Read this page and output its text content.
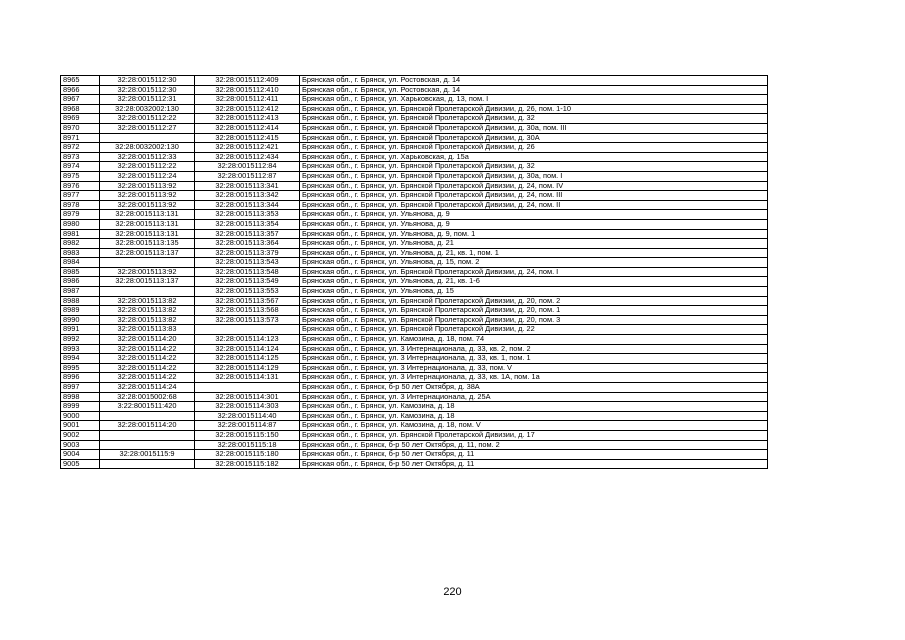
8965	32:28:0015112:30	32:28:0015112:409	Брянская обл., г. Брянск, ул. Ростовская, д. 14
8966	32:28:0015112:30	32:28:0015112:410	Брянская обл., г. Брянск, ул. Ростовская, д. 14
8967	32:28:0015112:31	32:28:0015112:411	Брянская обл., г. Брянск, ул. Харьковская, д. 13, пом. I
8968	32:28:0032002:130	32:28:0015112:412	Брянская обл., г. Брянск, ул. Брянской Пролетарской Дивизии, д. 26, пом. 1-10
8969	32:28:0015112:22	32:28:0015112:413	Брянская обл., г. Брянск, ул. Брянской Пролетарской Дивизии, д. 32
8970	32:28:0015112:27	32:28:0015112:414	Брянская обл., г. Брянск, ул. Брянской Пролетарской Дивизии, д. 30а, пом. III
8971		32:28:0015112:415	Брянская обл., г. Брянск, ул. Брянской Пролетарской Дивизии, д. 30А
8972	32:28:0032002:130	32:28:0015112:421	Брянская обл., г. Брянск, ул. Брянской Пролетарской Дивизии, д. 26
8973	32:28:0015112:33	32:28:0015112:434	Брянская обл., г. Брянск, ул. Харьковская, д. 15а
8974	32:28:0015112:22	32:28:0015112:84	Брянская обл., г. Брянск, ул. Брянской Пролетарской Дивизии, д. 32
8975	32:28:0015112:24	32:28:0015112:87	Брянская обл., г. Брянск, ул. Брянской Пролетарской Дивизии, д. 30а, пом. I
8976	32:28:0015113:92	32:28:0015113:341	Брянская обл., г. Брянск, ул. Брянской Пролетарской Дивизии, д. 24, пом. IV
8977	32:28:0015113:92	32:28:0015113:342	Брянская обл., г. Брянск, ул. Брянской Пролетарской Дивизии, д. 24, пом. III
8978	32:28:0015113:92	32:28:0015113:344	Брянская обл., г. Брянск, ул. Брянской Пролетарской Дивизии, д. 24, пом. II
8979	32:28:0015113:131	32:28:0015113:353	Брянская обл., г. Брянск, ул. Ульянова, д. 9
8980	32:28:0015113:131	32:28:0015113:354	Брянская обл., г. Брянск, ул. Ульянова, д. 9
8981	32:28:0015113:131	32:28:0015113:357	Брянская обл., г. Брянск, ул. Ульянова, д. 9, пом. 1
8982	32:28:0015113:135	32:28:0015113:364	Брянская обл., г. Брянск, ул. Ульянова, д. 21
8983	32:28:0015113:137	32:28:0015113:379	Брянская обл., г. Брянск, ул. Ульянова, д. 21, кв. 1, пом. 1
8984		32:28:0015113:543	Брянская обл., г. Брянск, ул. Ульянова, д. 15, пом. 2
8985	32:28:0015113:92	32:28:0015113:548	Брянская обл., г. Брянск, ул. Брянской Пролетарской Дивизии, д. 24, пом. I
8986	32:28:0015113:137	32:28:0015113:549	Брянская обл., г. Брянск, ул. Ульянова, д. 21, кв. 1-6
8987		32:28:0015113:553	Брянская обл., г. Брянск, ул. Ульянова, д. 15
8988	32:28:0015113:82	32:28:0015113:567	Брянская обл., г. Брянск, ул. Брянской Пролетарской Дивизии, д. 20, пом. 2
8989	32:28:0015113:82	32:28:0015113:568	Брянская обл., г. Брянск, ул. Брянской Пролетарской Дивизии, д. 20, пом. 1
8990	32:28:0015113:82	32:28:0015113:573	Брянская обл., г. Брянск, ул. Брянской Пролетарской Дивизии, д. 20, пом. 3
8991	32:28:0015113:83		Брянская обл., г. Брянск, ул. Брянской Пролетарской Дивизии, д. 22
8992	32:28:0015114:20	32:28:0015114:123	Брянская обл., г. Брянск, ул. Камозина, д. 18, пом. 74
8993	32:28:0015114:22	32:28:0015114:124	Брянская обл., г. Брянск, ул. 3 Интернационала, д. 33, кв. 2, пом. 2
8994	32:28:0015114:22	32:28:0015114:125	Брянская обл., г. Брянск, ул. 3 Интернационала, д. 33, кв. 1, пом. 1
8995	32:28:0015114:22	32:28:0015114:129	Брянская обл., г. Брянск, ул. 3 Интернационала, д. 33, пом. V
8996	32:28:0015114:22	32:28:0015114:131	Брянская обл., г. Брянск, ул. 3 Интернационала, д. 33, кв. 1А, пом. 1а
8997	32:28:0015114:24		Брянская обл., г. Брянск, б-р 50 лет Октября, д. 38А
8998	32:28:0015002:68	32:28:0015114:301	Брянская обл., г. Брянск, ул. 3 Интернационала, д. 25А
8999	3:22:8001511:420	32:28:0015114:303	Брянская обл., г. Брянск, ул. Камозина, д. 18
9000		32:28:0015114:40	Брянская обл., г. Брянск, ул. Камозина, д. 18
9001	32:28:0015114:20	32:28:0015114:87	Брянская обл., г. Брянск, ул. Камозина, д. 18, пом. V
9002		32:28:0015115:150	Брянская обл., г. Брянск, ул. Брянской Пролетарской Дивизии, д. 17
9003		32:28:0015115:18	Брянская обл., г. Брянск, б-р 50 лет Октября, д. 11, пом. 2
9004	32:28:0015115:9	32:28:0015115:180	Брянская обл., г. Брянск, б-р 50 лет Октября, д. 11
9005		32:28:0015115:182	Брянская обл., г. Брянск, б-р 50 лет Октября, д. 11
220
